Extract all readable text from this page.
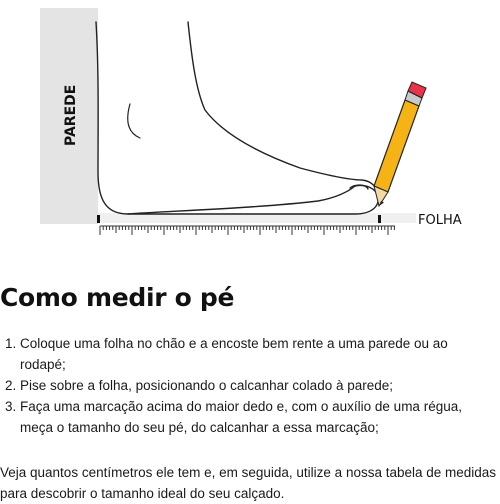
PAREDE
FOLHA
Como medir o pé
1. Coloque uma folha no chão e a encoste bem rente a uma parede ou ao rodapé;
2. Pise sobre a folha, posicionando o calcanhar colado à parede;
3. Faça uma marcação acima do maior dedo e, com o auxílio de uma régua, meça o tamanho do seu pé, do calcanhar a essa marcação;

Veja quantos centímetros ele tem e, em seguida, utilize a nossa tabela de medidas para descobrir o tamanho ideal do seu calçado.
